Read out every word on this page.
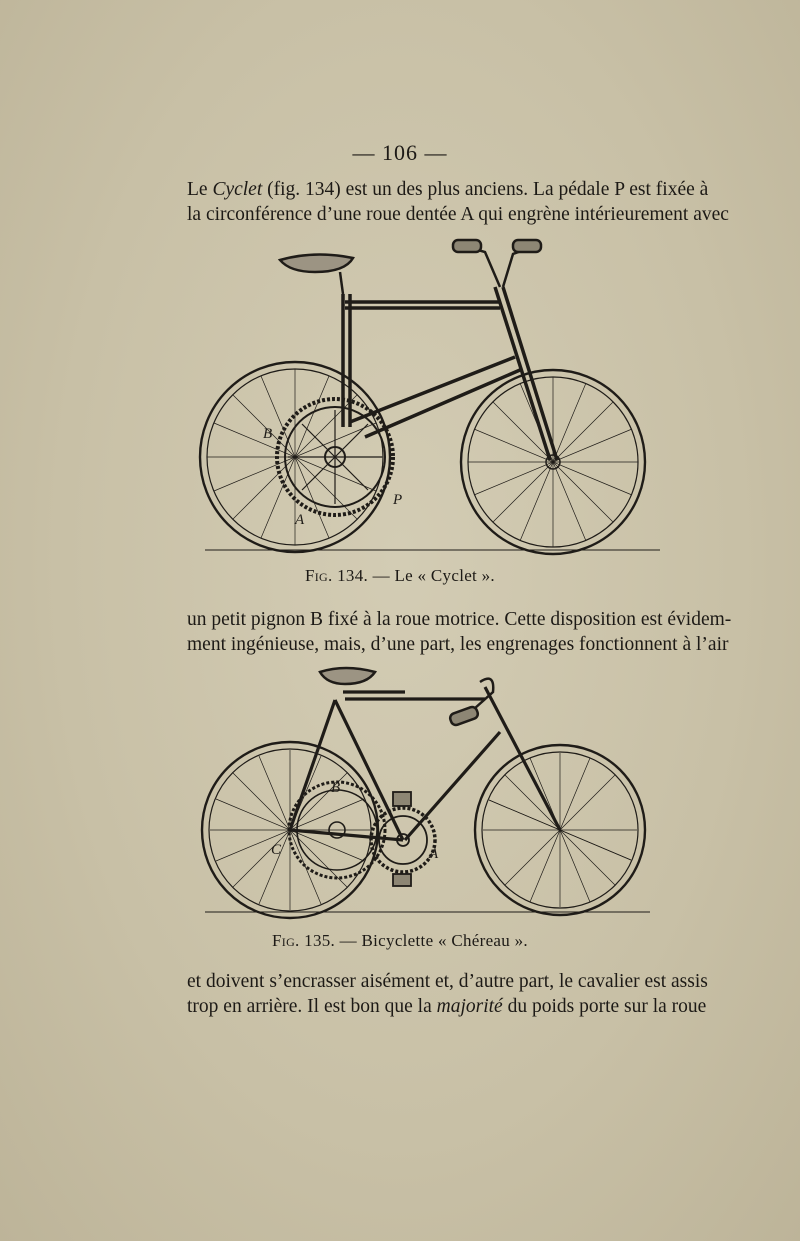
— 106 —

Le Cyclet (fig. 134) est un des plus anciens. La pédale P est fixée à
la circonférence d’une roue dentée A qui engrène intérieurement avec

B
A
P
Fig. 134. — Le « Cyclet ».

un petit pignon B fixé à la roue motrice. Cette disposition est évidem-
ment ingénieuse, mais, d’une part, les engrenages fonctionnent à l’air

B
C	A
Fig. 135. — Bicyclette « Chéreau ».

et doivent s’encrasser aisément et, d’autre part, le cavalier est assis
trop en arrière. Il est bon que la majorité du poids porte sur la roue
